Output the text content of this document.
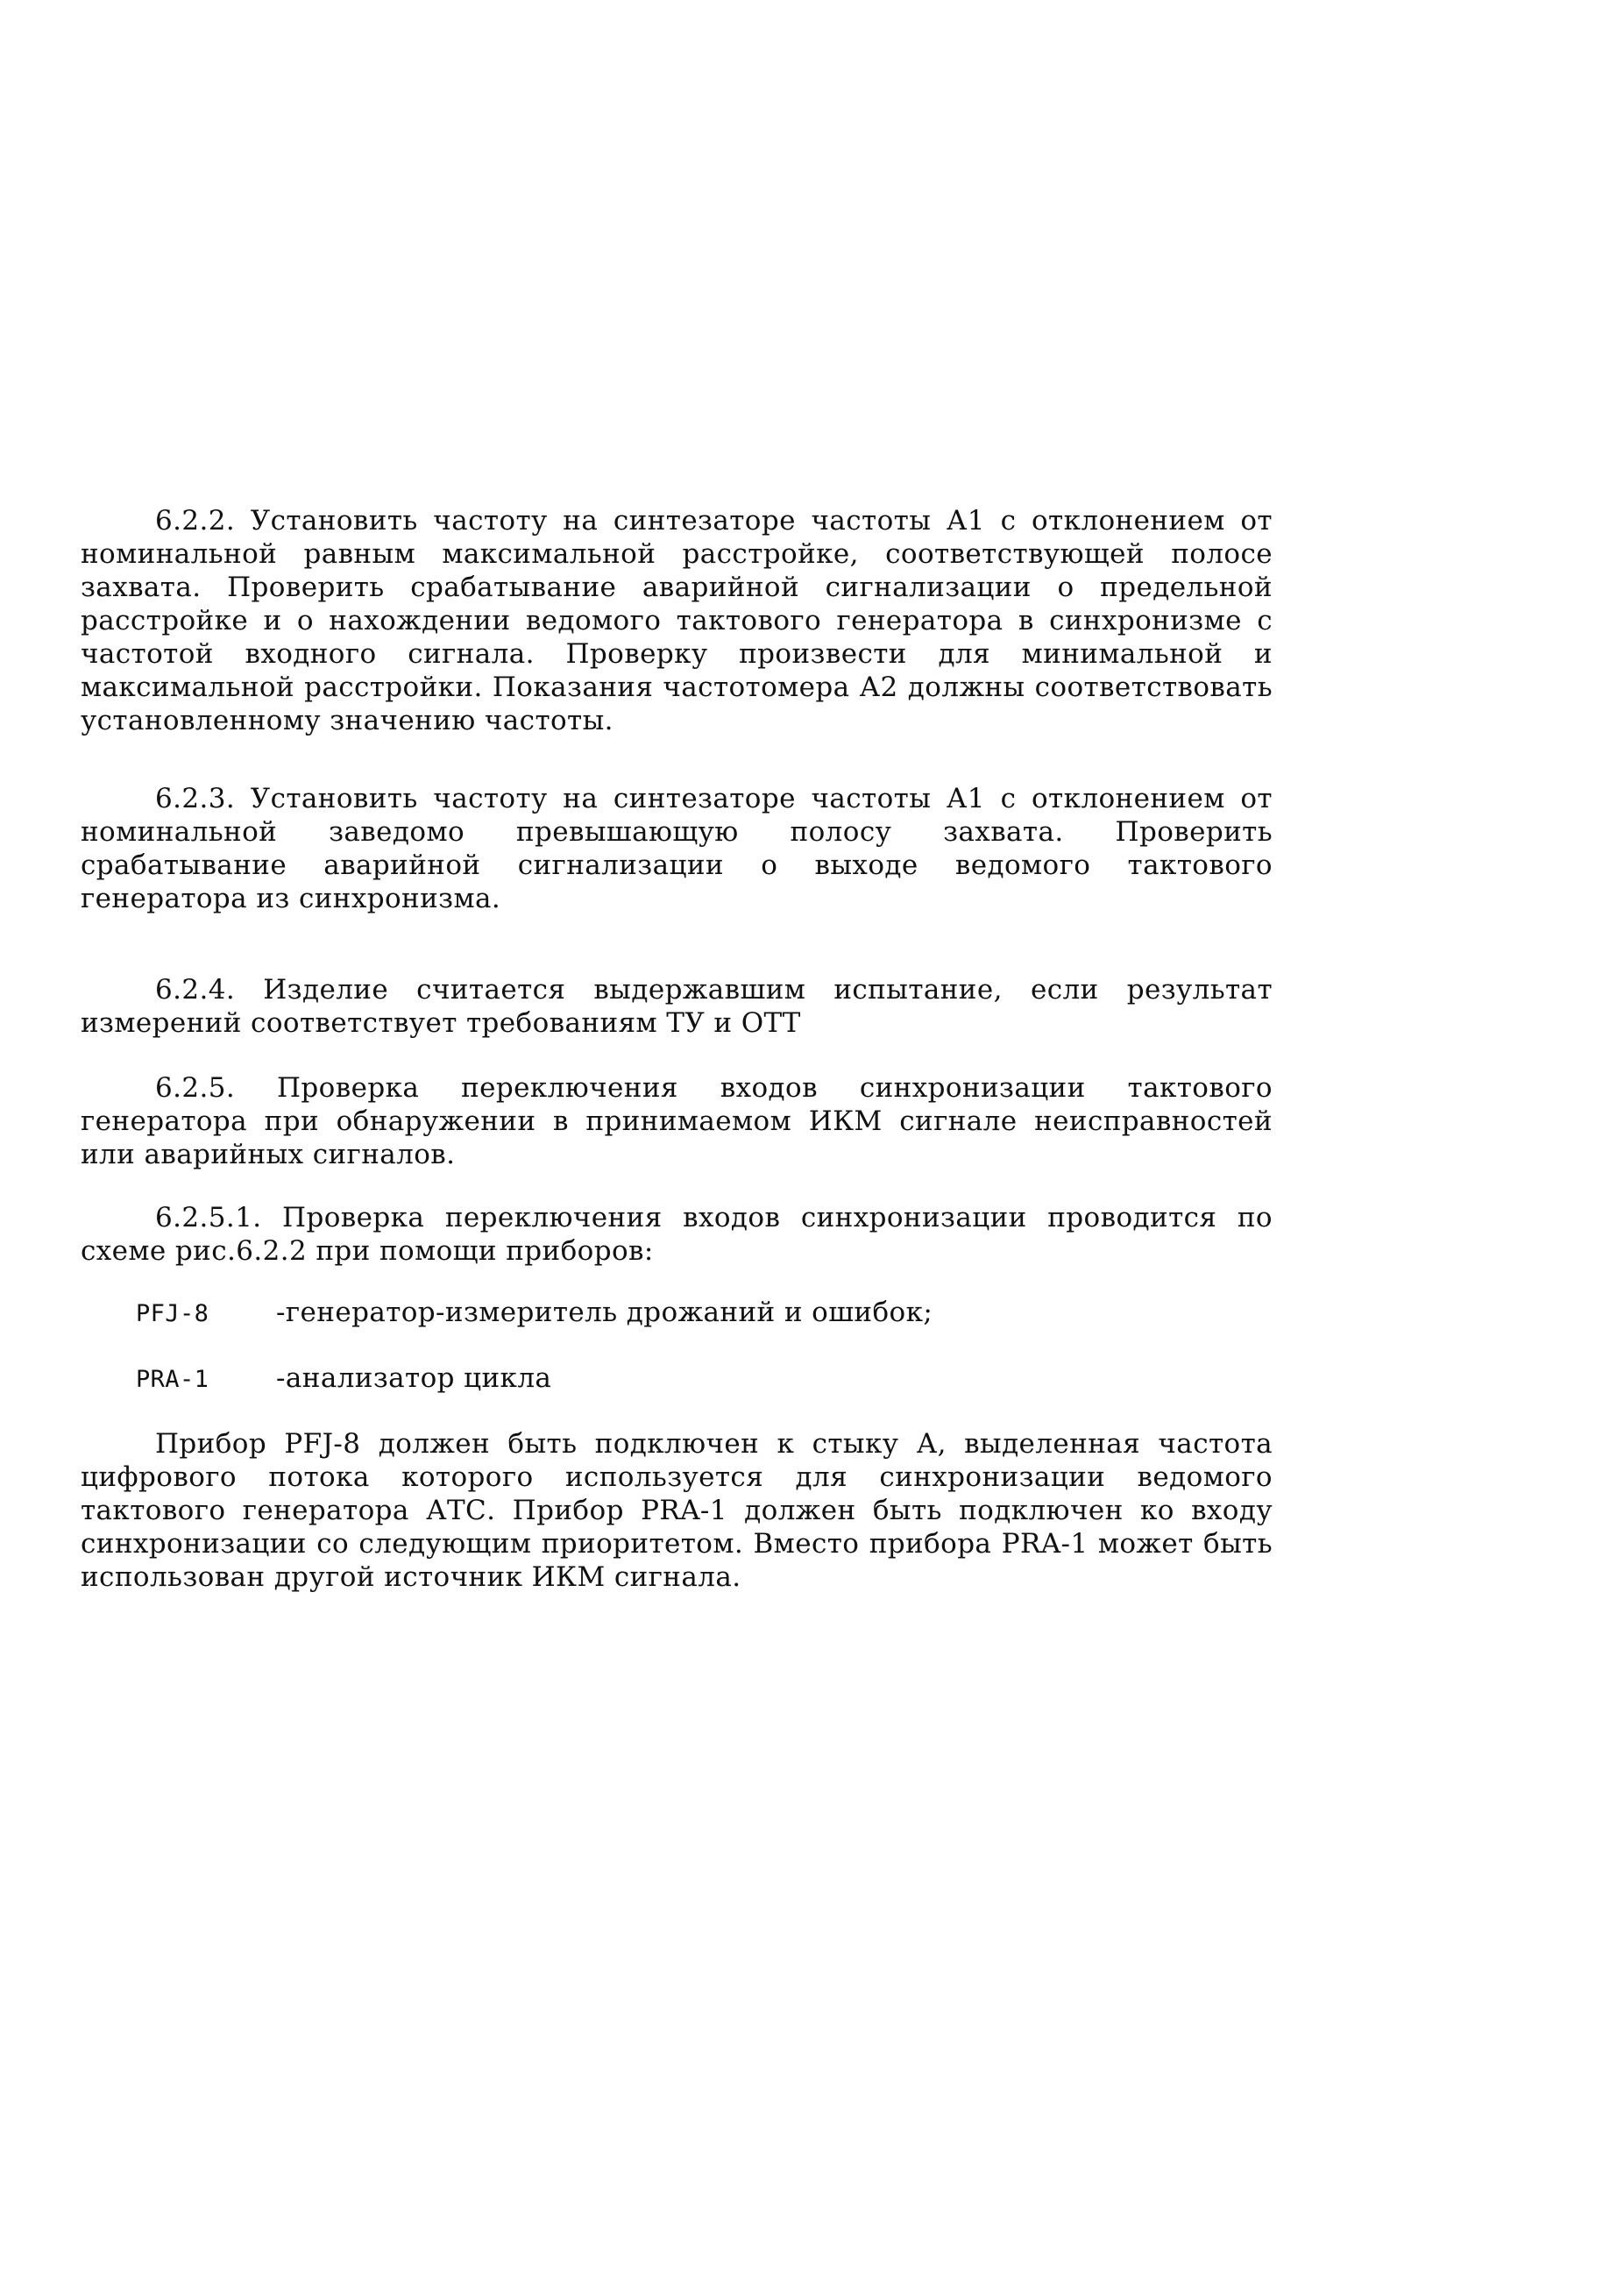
6.2.2. Установить частоту на синтезаторе частоты А1 с отклонением от номинальной равным максимальной расстройке, соответствующей полосе захвата. Проверить срабатывание аварийной сигнализации о предельной расстройке и о нахождении ведомого тактового генератора в синхронизме с частотой входного сигнала. Проверку произвести для минимальной и максимальной расстройки. Показания частотомера А2 должны соответствовать установленному значению частоты.

6.2.3. Установить частоту на синтезаторе частоты А1 с отклонением от номинальной заведомо превышающую полосу захвата. Проверить срабатывание аварийной сигнализации о выходе ведомого тактового генератора из синхронизма.

6.2.4. Изделие считается выдержавшим испытание, если результат измерений соответствует требованиям ТУ и ОТТ

6.2.5. Проверка переключения входов синхронизации тактового генератора при обнаружении в принимаемом ИКМ сигнале неисправностей или аварийных сигналов.

6.2.5.1. Проверка переключения входов синхронизации проводится по схеме рис.6.2.2 при помощи приборов:

PFJ-8 -генератор-измеритель дрожаний и ошибок;
PRA-1 -анализатор цикла

Прибор PFJ-8 должен быть подключен к стыку А, выделенная частота цифрового потока которого используется для синхронизации ведомого тактового генератора АТС. Прибор PRA-1 должен быть подключен ко входу синхронизации со следующим приоритетом. Вместо прибора PRA-1 может быть использован другой источник ИКМ сигнала.
